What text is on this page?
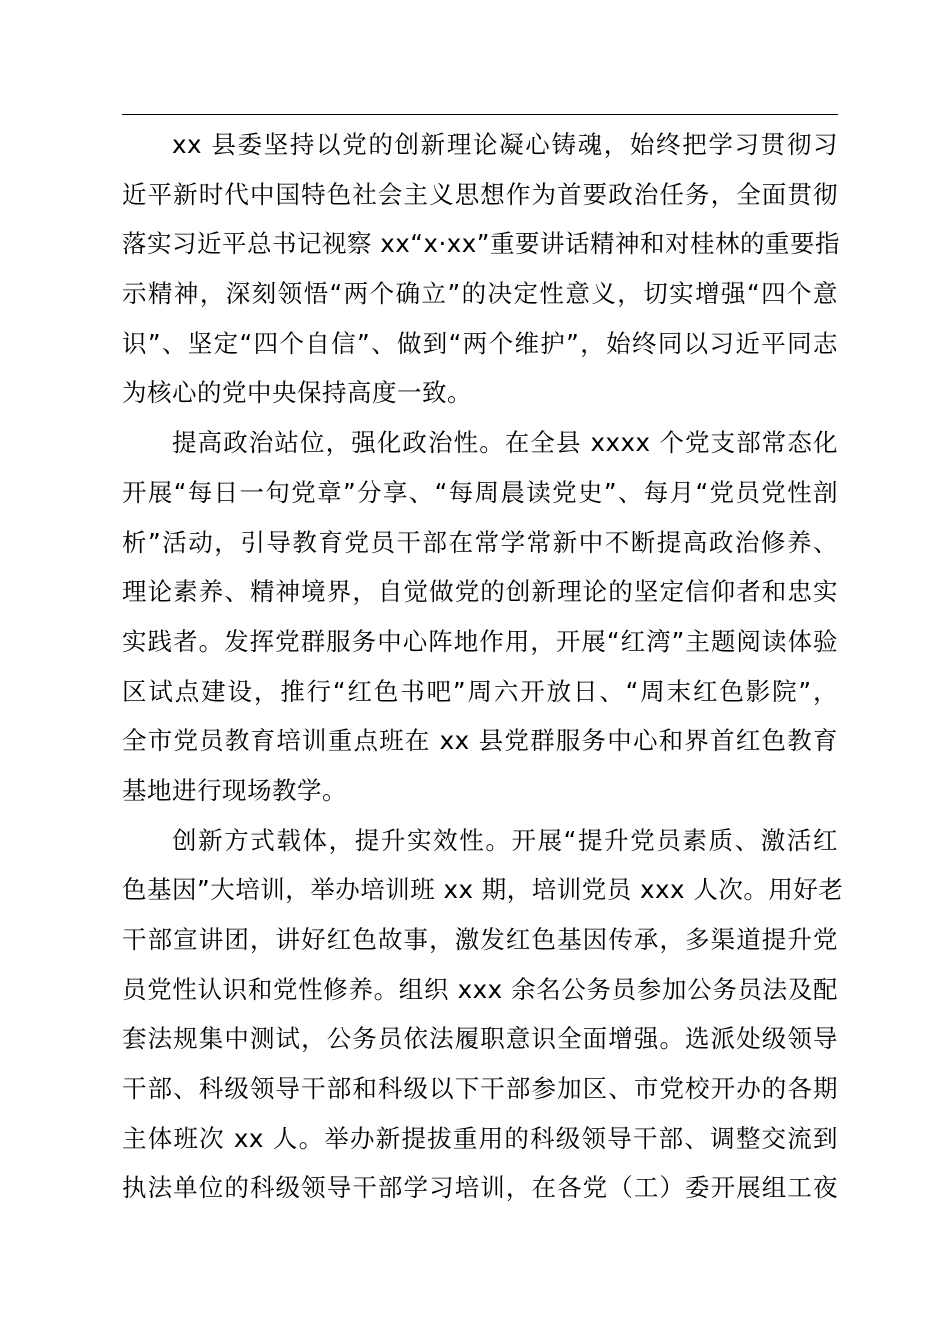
xx 县委坚持以党的创新理论凝心铸魂，始终把学习贯彻习
近平新时代中国特色社会主义思想作为首要政治任务，全面贯彻
落实习近平总书记视察 xx“x·xx”重要讲话精神和对桂林的重要指
示精神，深刻领悟“两个确立”的决定性意义，切实增强“四个意
识”、坚定“四个自信”、做到“两个维护”，始终同以习近平同志
为核心的党中央保持高度一致。
提高政治站位，强化政治性。在全县 xxxx 个党支部常态化
开展“每日一句党章”分享、“每周晨读党史”、每月“党员党性剖
析”活动，引导教育党员干部在常学常新中不断提高政治修养、
理论素养、精神境界，自觉做党的创新理论的坚定信仰者和忠实
实践者。发挥党群服务中心阵地作用，开展“红湾”主题阅读体验
区试点建设，推行“红色书吧”周六开放日、“周末红色影院”，
全市党员教育培训重点班在 xx 县党群服务中心和界首红色教育
基地进行现场教学。
创新方式载体，提升实效性。开展“提升党员素质、激活红
色基因”大培训，举办培训班 xx 期，培训党员 xxx 人次。用好老
干部宣讲团，讲好红色故事，激发红色基因传承，多渠道提升党
员党性认识和党性修养。组织 xxx 余名公务员参加公务员法及配
套法规集中测试，公务员依法履职意识全面增强。选派处级领导
干部、科级领导干部和科级以下干部参加区、市党校开办的各期
主体班次 xx 人。举办新提拔重用的科级领导干部、调整交流到
执法单位的科级领导干部学习培训，在各党（工）委开展组工夜
